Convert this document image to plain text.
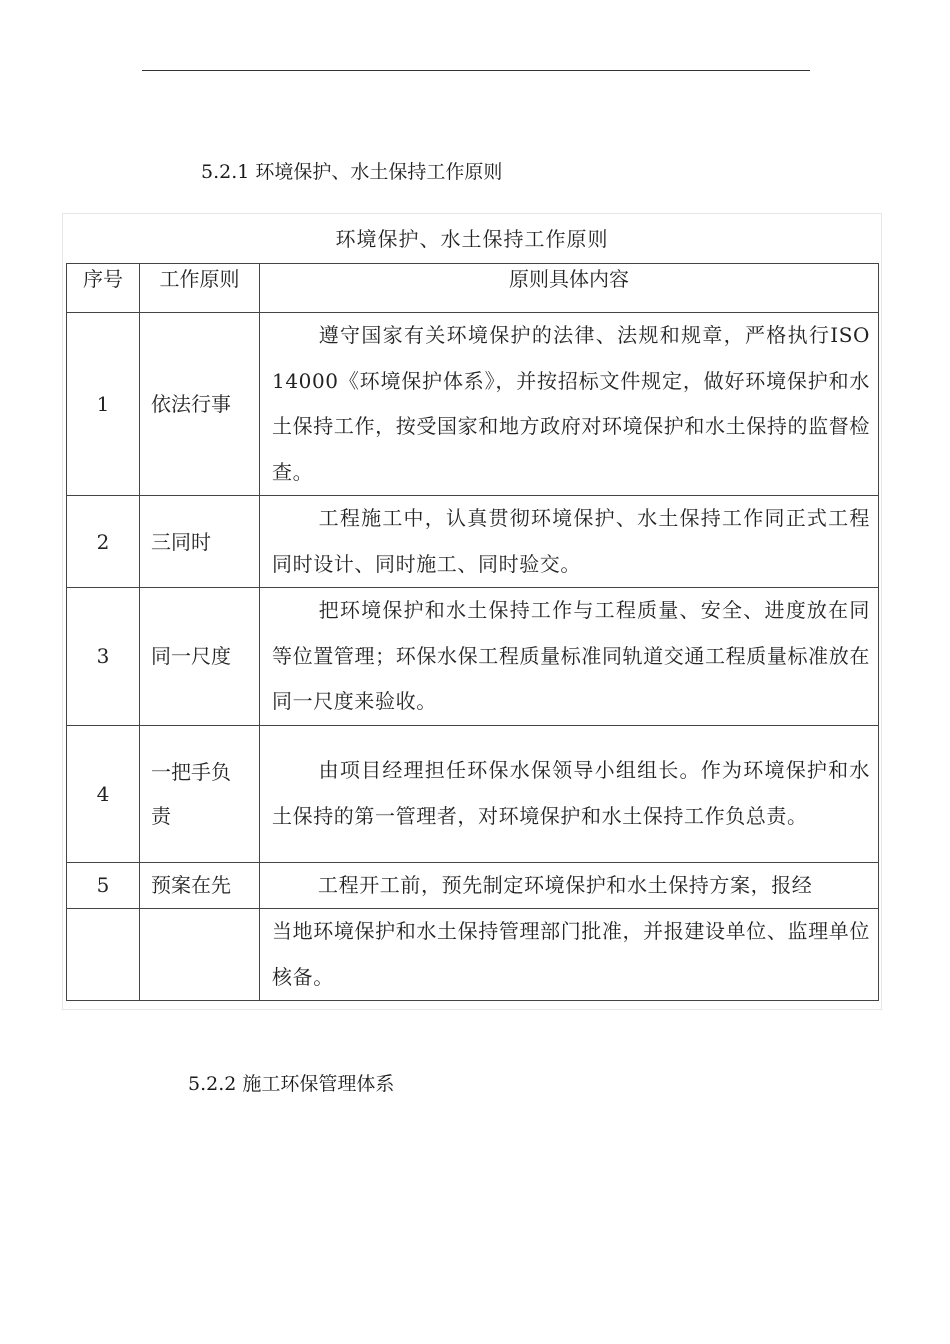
5.2.1 环境保护、水土保持工作原则
环境保护、水土保持工作原则
序号	工作原则	原则具体内容
1	依法行事	遵守国家有关环境保护的法律、法规和规章，严格执行ISO 14000《环境保护体系》，并按招标文件规定，做好环境保护和水土保持工作，按受国家和地方政府对环境保护和水土保持的监督检查。
2	三同时	工程施工中，认真贯彻环境保护、水土保持工作同正式工程同时设计、同时施工、同时验交。
3	同一尺度	把环境保护和水土保持工作与工程质量、安全、进度放在同等位置管理；环保水保工程质量标准同轨道交通工程质量标准放在同一尺度来验收。
4	一把手负责	由项目经理担任环保水保领导小组组长。作为环境保护和水土保持的第一管理者，对环境保护和水土保持工作负总责。
5	预案在先	工程开工前，预先制定环境保护和水土保持方案，报经
		当地环境保护和水土保持管理部门批准，并报建设单位、监理单位核备。
5.2.2 施工环保管理体系
